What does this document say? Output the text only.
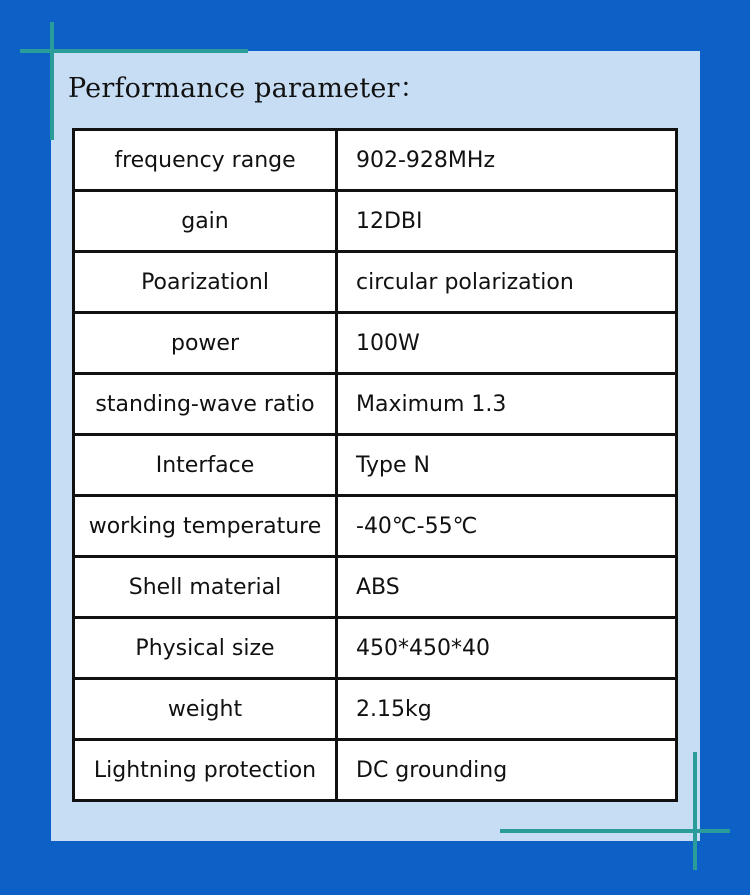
Performance parameter：
frequency range	902-928MHz
gain	12DBI
Poarizationl	circular polarization
power	100W
standing-wave ratio	Maximum 1.3
Interface	Type N
working temperature	-40℃-55℃
Shell material	ABS
Physical size	450*450*40
weight	2.15kg
Lightning protection	DC grounding
